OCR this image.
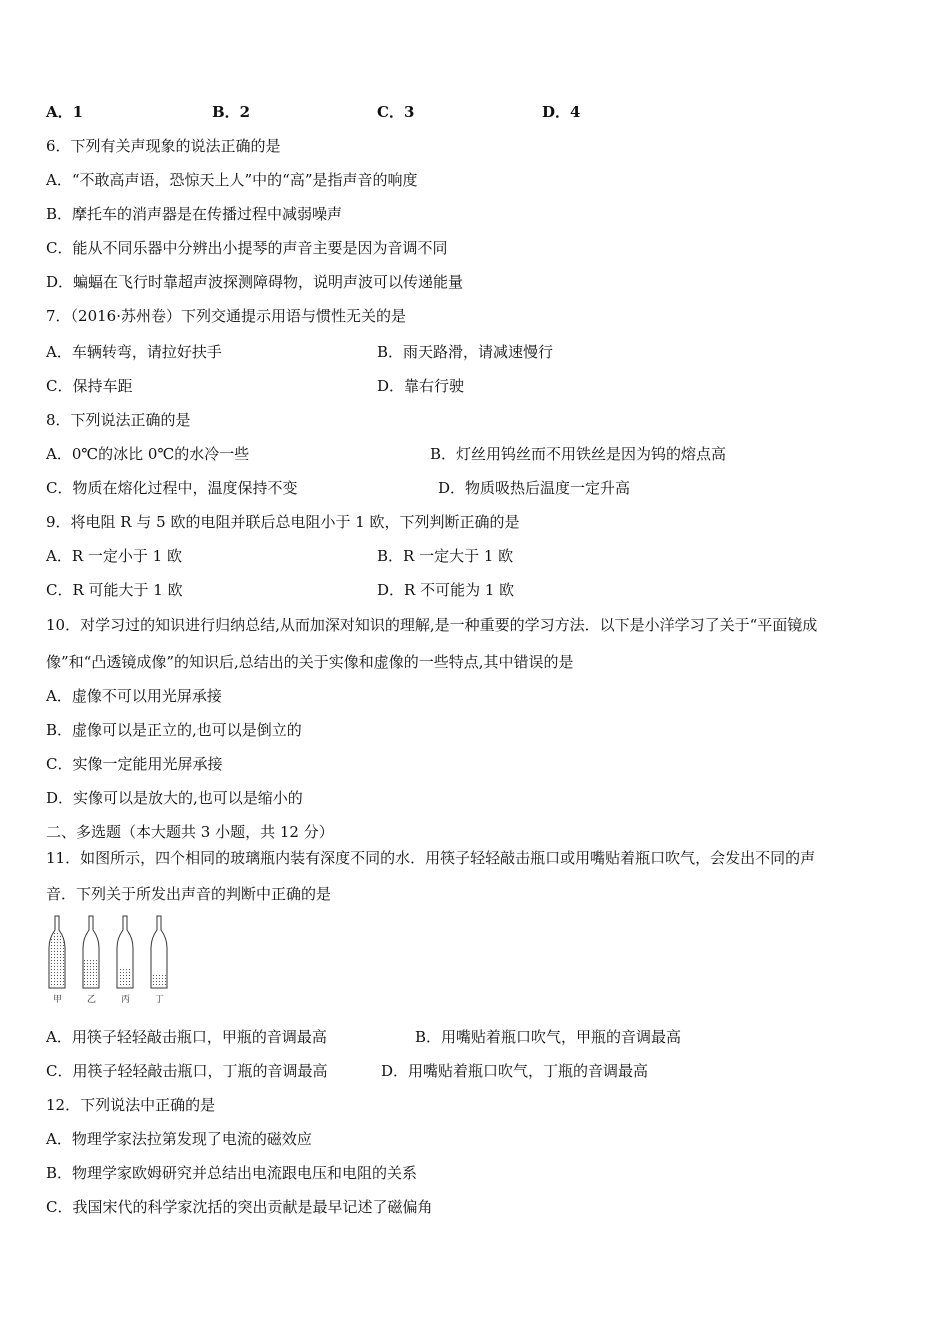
A．1	B．2	C．3	D．4
6．下列有关声现象的说法正确的是
A．“不敢高声语，恐惊天上人”中的“高”是指声音的响度
B．摩托车的消声器是在传播过程中减弱噪声
C．能从不同乐器中分辨出小提琴的声音主要是因为音调不同
D．蝙蝠在飞行时靠超声波探测障碍物，说明声波可以传递能量
7．（2016·苏州卷）下列交通提示用语与惯性无关的是
A．车辆转弯，请拉好扶手	B．雨天路滑，请减速慢行
C．保持车距	D．靠右行驶
8．下列说法正确的是
A．0℃的冰比 0℃的水冷一些	B．灯丝用钨丝而不用铁丝是因为钨的熔点高
C．物质在熔化过程中，温度保持不变	D．物质吸热后温度一定升高
9．将电阻 R 与 5 欧的电阻并联后总电阻小于 1 欧，下列判断正确的是
A．R 一定小于 1 欧	B．R 一定大于 1 欧
C．R 可能大于 1 欧	D．R 不可能为 1 欧
10．对学习过的知识进行归纳总结,从而加深对知识的理解,是一种重要的学习方法．以下是小洋学习了关于“平面镜成
像”和“凸透镜成像”的知识后,总结出的关于实像和虚像的一些特点,其中错误的是
A．虚像不可以用光屏承接
B．虚像可以是正立的,也可以是倒立的
C．实像一定能用光屏承接
D．实像可以是放大的,也可以是缩小的
二、多选题（本大题共 3 小题，共 12 分）
11．如图所示，四个相同的玻璃瓶内装有深度不同的水．用筷子轻轻敲击瓶口或用嘴贴着瓶口吹气，会发出不同的声
音．下列关于所发出声音的判断中正确的是
甲	乙	丙	丁
A．用筷子轻轻敲击瓶口，甲瓶的音调最高	B．用嘴贴着瓶口吹气，甲瓶的音调最高
C．用筷子轻轻敲击瓶口，丁瓶的音调最高	D．用嘴贴着瓶口吹气，丁瓶的音调最高
12．下列说法中正确的是
A．物理学家法拉第发现了电流的磁效应
B．物理学家欧姆研究并总结出电流跟电压和电阻的关系
C．我国宋代的科学家沈括的突出贡献是最早记述了磁偏角
